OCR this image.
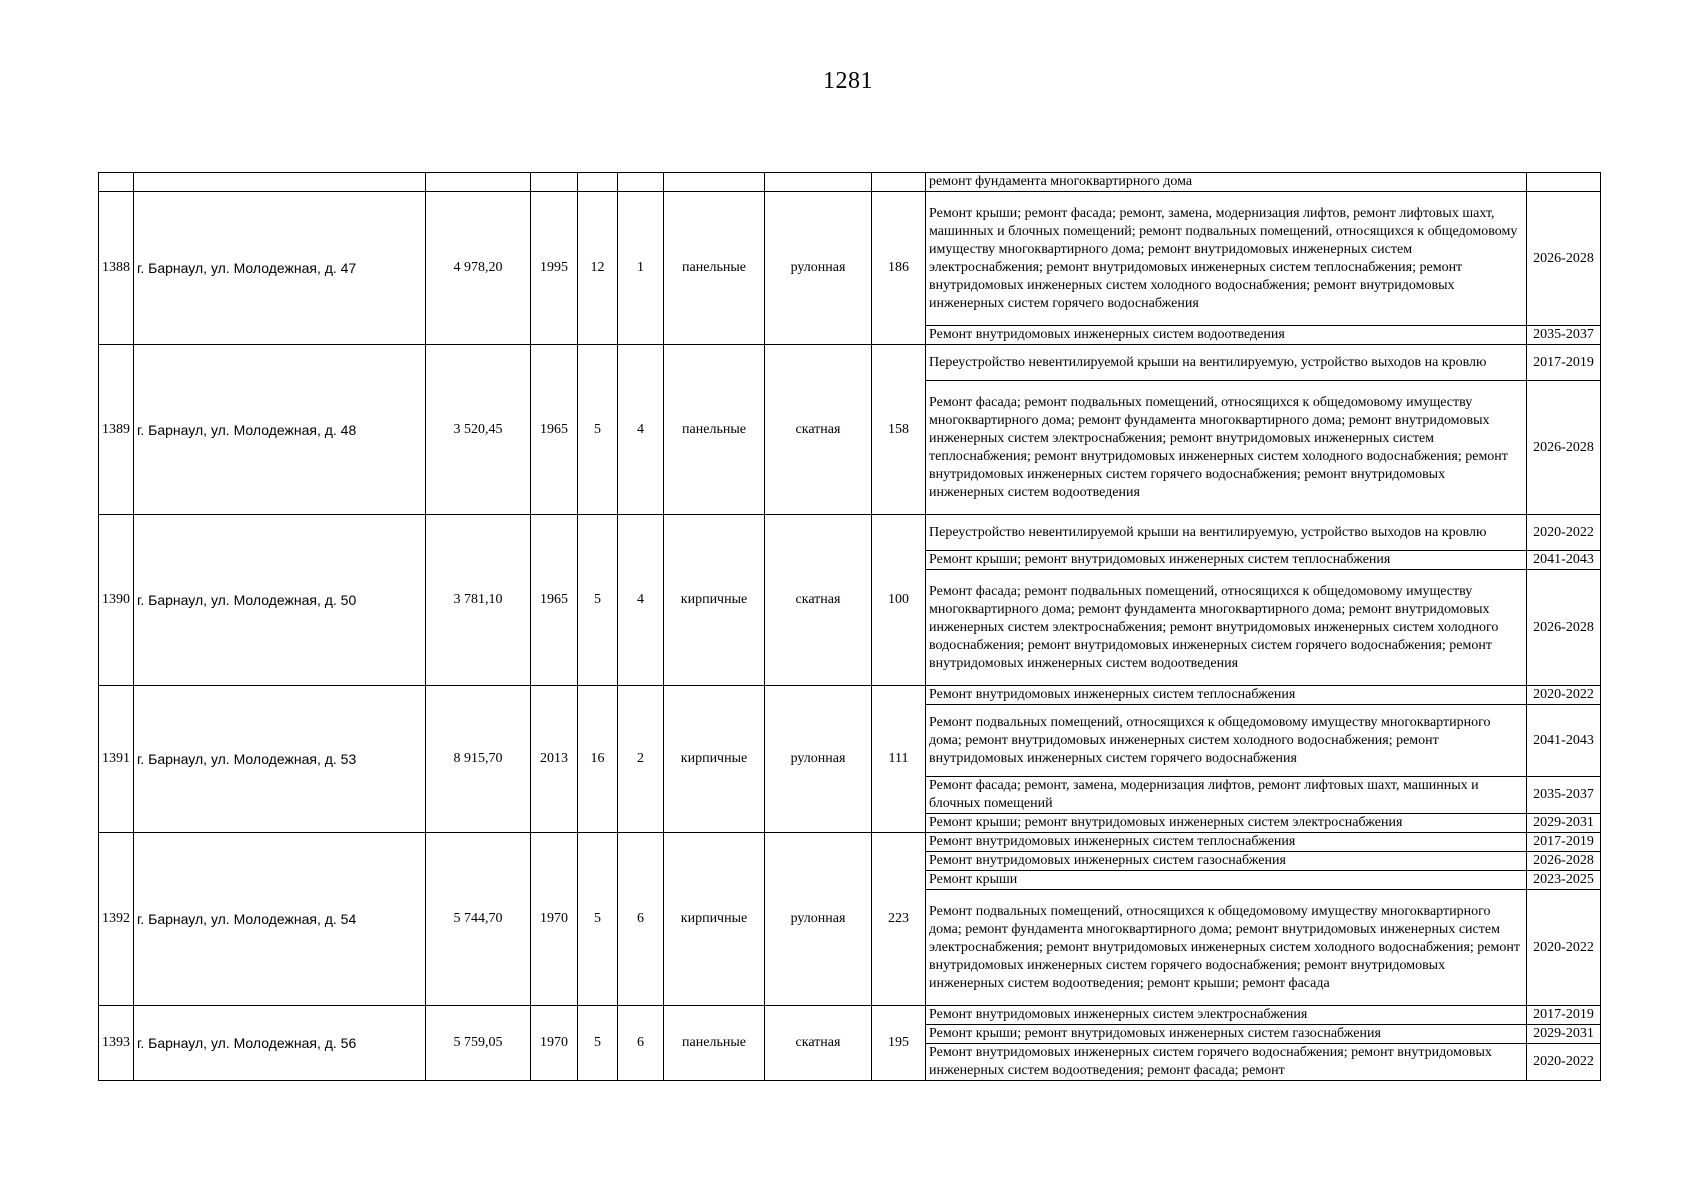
1281
									ремонт фундамента многоквартирного дома	
1388	г. Барнаул, ул. Молодежная, д. 47	4 978,20	1995	12	1	панельные	рулонная	186	Ремонт крыши; ремонт фасада; ремонт, замена, модернизация лифтов, ремонт лифтовых шахт, машинных и блочных помещений; ремонт подвальных помещений, относящихся к общедомовому имуществу многоквартирного дома; ремонт внутридомовых инженерных систем электроснабжения; ремонт внутридомовых инженерных систем теплоснабжения; ремонт внутридомовых инженерных систем холодного водоснабжения; ремонт внутридомовых инженерных систем горячего водоснабжения	2026-2028
									Ремонт внутридомовых инженерных систем водоотведения	2035-2037
1389	г. Барнаул, ул. Молодежная, д. 48	3 520,45	1965	5	4	панельные	скатная	158	Переустройство невентилируемой крыши на вентилируемую, устройство выходов на кровлю	2017-2019
									Ремонт фасада; ремонт подвальных помещений, относящихся к общедомовому имуществу многоквартирного дома; ремонт фундамента многоквартирного дома; ремонт внутридомовых инженерных систем электроснабжения; ремонт внутридомовых инженерных систем теплоснабжения; ремонт внутридомовых инженерных систем холодного водоснабжения; ремонт внутридомовых инженерных систем горячего водоснабжения; ремонт внутридомовых инженерных систем водоотведения	2026-2028
1390	г. Барнаул, ул. Молодежная, д. 50	3 781,10	1965	5	4	кирпичные	скатная	100	Переустройство невентилируемой крыши на вентилируемую, устройство выходов на кровлю	2020-2022
									Ремонт крыши; ремонт внутридомовых инженерных систем теплоснабжения	2041-2043
									Ремонт фасада; ремонт подвальных помещений, относящихся к общедомовому имуществу многоквартирного дома; ремонт фундамента многоквартирного дома; ремонт внутридомовых инженерных систем электроснабжения; ремонт внутридомовых инженерных систем холодного водоснабжения; ремонт внутридомовых инженерных систем горячего водоснабжения; ремонт внутридомовых инженерных систем водоотведения	2026-2028
1391	г. Барнаул, ул. Молодежная, д. 53	8 915,70	2013	16	2	кирпичные	рулонная	111	Ремонт внутридомовых инженерных систем теплоснабжения	2020-2022
									Ремонт подвальных помещений, относящихся к общедомовому имуществу многоквартирного дома; ремонт внутридомовых инженерных систем холодного водоснабжения; ремонт внутридомовых инженерных систем горячего водоснабжения	2041-2043
									Ремонт фасада; ремонт, замена, модернизация лифтов, ремонт лифтовых шахт, машинных и блочных помещений	2035-2037
									Ремонт крыши; ремонт внутридомовых инженерных систем электроснабжения	2029-2031
1392	г. Барнаул, ул. Молодежная, д. 54	5 744,70	1970	5	6	кирпичные	рулонная	223	Ремонт внутридомовых инженерных систем теплоснабжения	2017-2019
									Ремонт внутридомовых инженерных систем газоснабжения	2026-2028
									Ремонт крыши	2023-2025
									Ремонт подвальных помещений, относящихся к общедомовому имуществу многоквартирного дома; ремонт фундамента многоквартирного дома; ремонт внутридомовых инженерных систем электроснабжения; ремонт внутридомовых инженерных систем холодного водоснабжения; ремонт внутридомовых инженерных систем горячего водоснабжения; ремонт внутридомовых инженерных систем водоотведения; ремонт крыши; ремонт фасада	2020-2022
1393	г. Барнаул, ул. Молодежная, д. 56	5 759,05	1970	5	6	панельные	скатная	195	Ремонт внутридомовых инженерных систем электроснабжения	2017-2019
									Ремонт крыши; ремонт внутридомовых инженерных систем газоснабжения	2029-2031
									Ремонт внутридомовых инженерных систем горячего водоснабжения; ремонт внутридомовых инженерных систем водоотведения; ремонт фасада; ремонт	2020-2022
